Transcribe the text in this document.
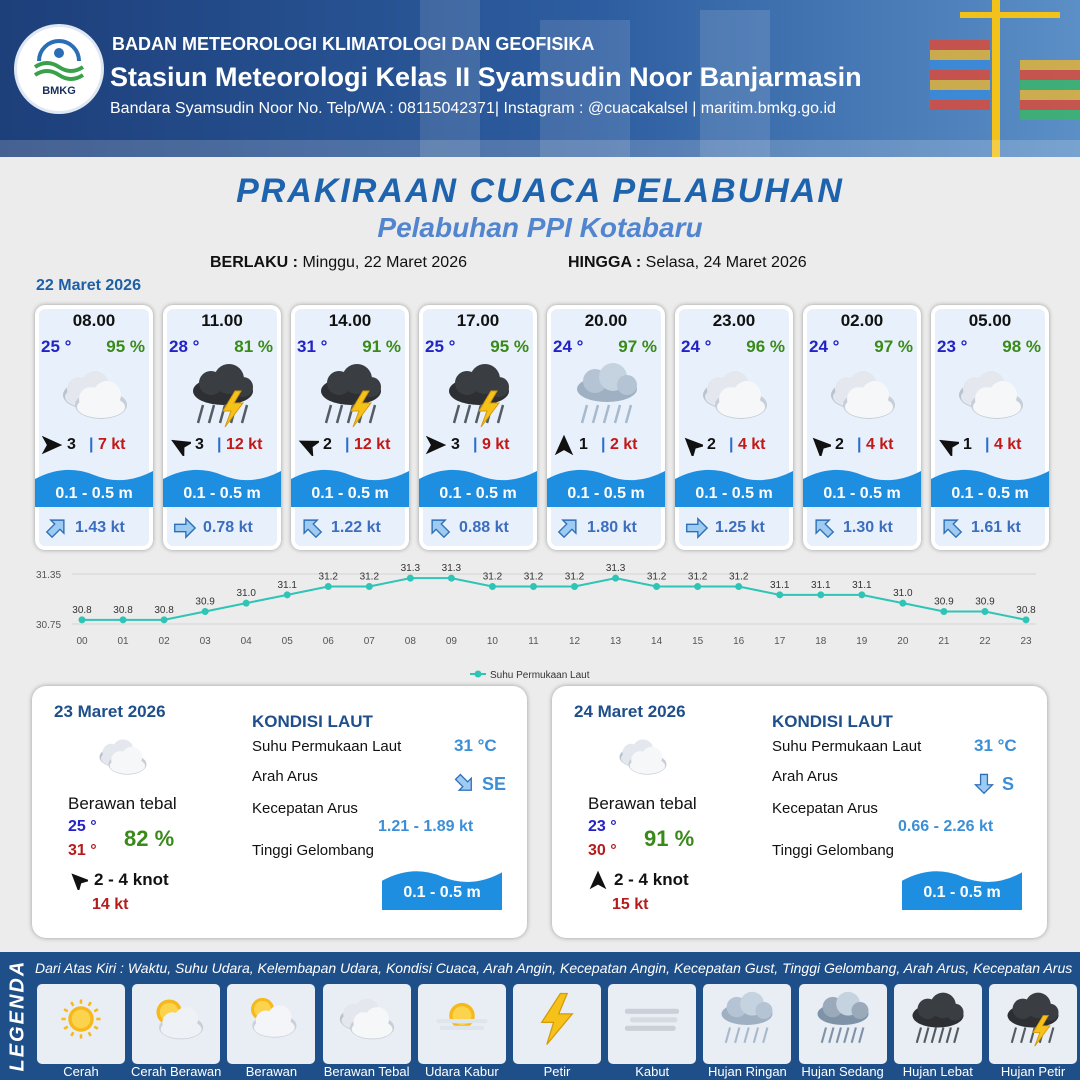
BMKG
BADAN METEOROLOGI KLIMATOLOGI DAN GEOFISIKA
Stasiun Meteorologi Kelas II Syamsudin Noor Banjarmasin
Bandara Syamsudin Noor No. Telp/WA : 08115042371| Instagram : @cuacakalsel | maritim.bmkg.go.id
PRAKIRAAN CUACA PELABUHAN
Pelabuhan PPI Kotabaru
BERLAKU : Minggu, 22 Maret 2026	HINGGA : Selasa, 24 Maret 2026
22 Maret 2026
08.00
25 ° 95 %
3 | 7 kt
0.1 - 0.5 m
1.43 kt
11.00
28 ° 81 %
3 | 12 kt
0.1 - 0.5 m
0.78 kt
14.00
31 ° 91 %
2 | 12 kt
0.1 - 0.5 m
1.22 kt
17.00
25 ° 95 %
3 | 9 kt
0.1 - 0.5 m
0.88 kt
20.00
24 ° 97 %
1 | 2 kt
0.1 - 0.5 m
1.80 kt
23.00
24 ° 96 %
2 | 4 kt
0.1 - 0.5 m
1.25 kt
02.00
24 ° 97 %
2 | 4 kt
0.1 - 0.5 m
1.30 kt
05.00
23 ° 98 %
1 | 4 kt
0.1 - 0.5 m
1.61 kt
31.35
30.75
30.8
00
30.8
01
30.8
02
30.9
03
31.0
04
31.1
05
31.2
06
31.2
07
31.3
08
31.3
09
31.2
10
31.2
11
31.2
12
31.3
13
31.2
14
31.2
15
31.2
16
31.1
17
31.1
18
31.1
19
31.0
20
30.9
21
30.9
22
30.8
23
Suhu Permukaan Laut
23 Maret 2026
Berawan tebal
25 °
31 ° 82 %
2 - 4 knot
14 kt
KONDISI LAUT
Suhu Permukaan Laut	31 °C
Arah Arus	SE
Kecepatan Arus
1.21 - 1.89 kt
Tinggi Gelombang
0.1 - 0.5 m
24 Maret 2026
Berawan tebal
23 °
30 ° 91 %
2 - 4 knot
15 kt
KONDISI LAUT
Suhu Permukaan Laut	31 °C
Arah Arus	S
Kecepatan Arus
0.66 - 2.26 kt
Tinggi Gelombang
0.1 - 0.5 m
LEGENDA Dari Atas Kiri : Waktu, Suhu Udara, Kelembapan Udara, Kondisi Cuaca, Arah Angin, Kecepatan Angin, Kecepatan Gust, Tinggi Gelombang, Arah Arus, Kecepatan Arus
Cerah	Cerah Berawan	Berawan	Berawan Tebal	Udara Kabur	Petir	Kabut	Hujan Ringan	Hujan Sedang	Hujan Lebat	Hujan Petir
